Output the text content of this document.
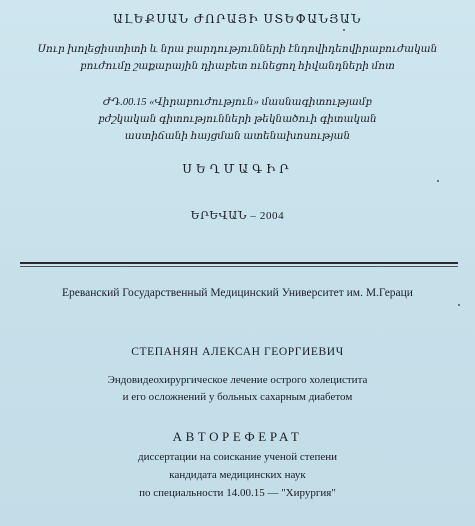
ԱԼԵՔՍԱՆ ԺՈՐԱՅԻ ՍՏԵՓԱՆՅԱՆ
Սուր խոլեցիստիտի և նրա բարդությունների էնդովիդեովիրաբուժական
բուժումը շաքարային դիաբետ ունեցող հիվանդների մոտ
ԺԴ.00.15 «Վիրաբուժություն» մասնագիտությամբ
բժշկական գիտությունների թեկնածուի գիտական
աստիճանի հայցման ատենախոսության
ՍԵՂՄԱԳԻՐ
ԵՐԵՎԱՆ – 2004
Ереванский Государственный Медицинский Университет им. М.Гераци
СТЕПАНЯН АЛЕКСАН ГЕОРГИЕВИЧ
Эндовидеохирургическое лечение острого холецистита
и его осложнений у больных сахарным диабетом
АВТОРЕФЕРАТ
диссертации на соискание ученой степени
кандидата медицинских наук
по специальности 14.00.15 — "Хирургия"
